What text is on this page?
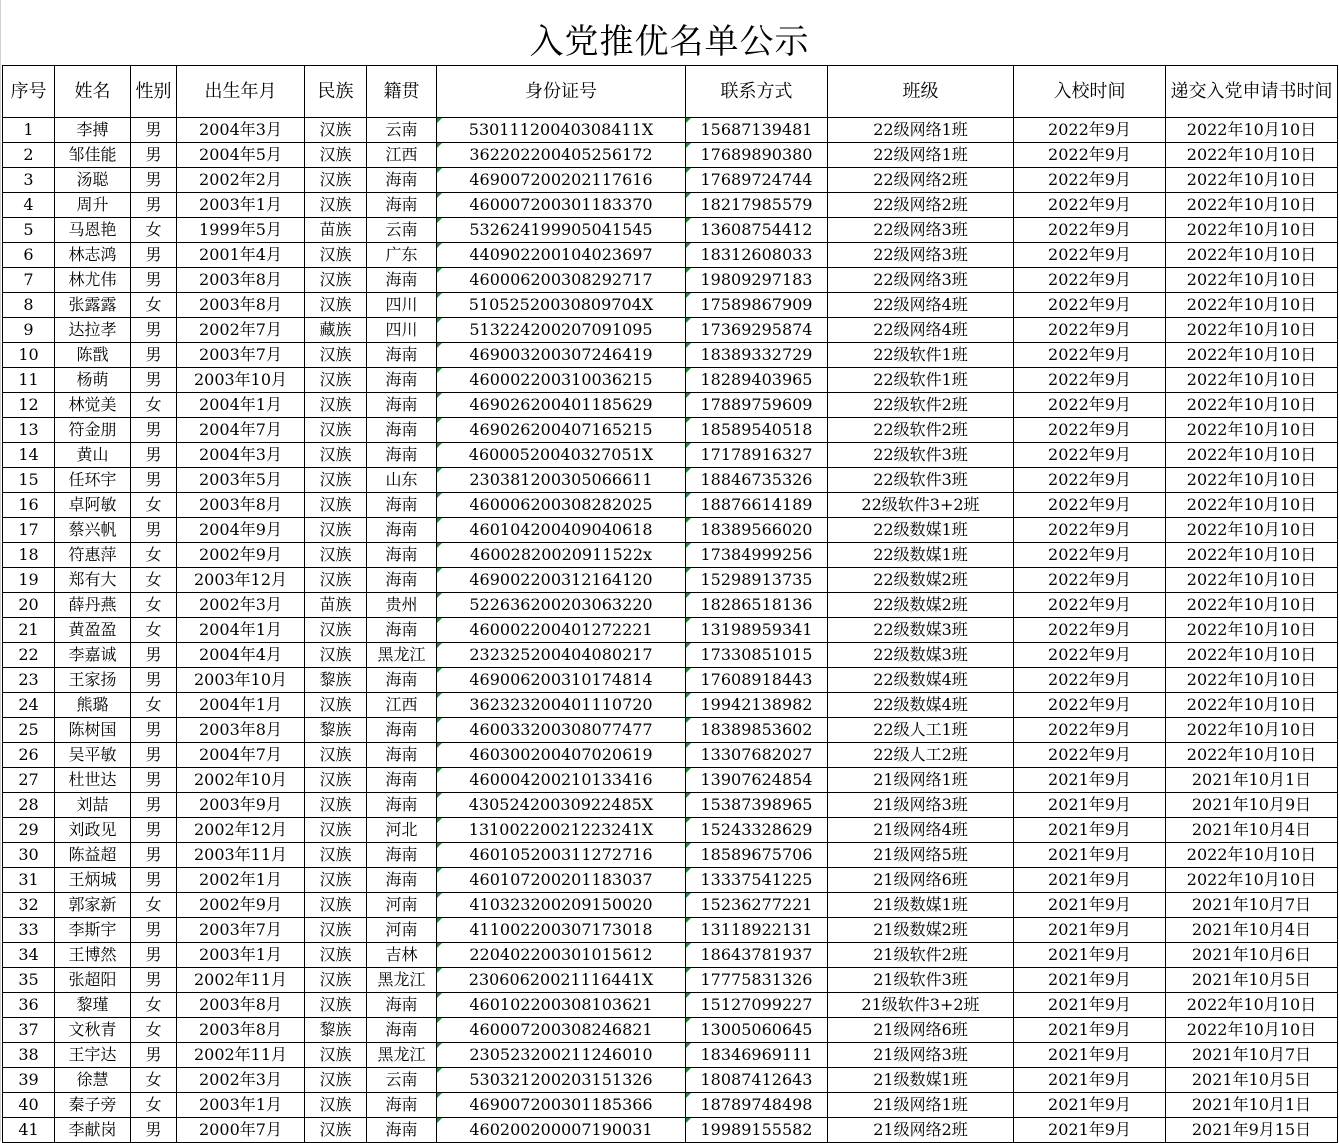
入党推优名单公示
序号	姓名	性别	出生年月	民族	籍贯	身份证号	联系方式	班级	入校时间	递交入党申请书时间
1	李搏	男	2004年3月	汉族	云南	53011120040308411X	15687139481	22级网络1班	2022年9月	2022年10月10日
2	邹佳能	男	2004年5月	汉族	江西	362202200405256172	17689890380	22级网络1班	2022年9月	2022年10月10日
3	汤聪	男	2002年2月	汉族	海南	469007200202117616	17689724744	22级网络2班	2022年9月	2022年10月10日
4	周升	男	2003年1月	汉族	海南	460007200301183370	18217985579	22级网络2班	2022年9月	2022年10月10日
5	马恩艳	女	1999年5月	苗族	云南	532624199905041545	13608754412	22级网络3班	2022年9月	2022年10月10日
6	林志鸿	男	2001年4月	汉族	广东	440902200104023697	18312608033	22级网络3班	2022年9月	2022年10月10日
7	林尤伟	男	2003年8月	汉族	海南	460006200308292717	19809297183	22级网络3班	2022年9月	2022年10月10日
8	张露露	女	2003年8月	汉族	四川	51052520030809704X	17589867909	22级网络4班	2022年9月	2022年10月10日
9	达拉孝	男	2002年7月	藏族	四川	513224200207091095	17369295874	22级网络4班	2022年9月	2022年10月10日
10	陈戬	男	2003年7月	汉族	海南	469003200307246419	18389332729	22级软件1班	2022年9月	2022年10月10日
11	杨萌	男	2003年10月	汉族	海南	460002200310036215	18289403965	22级软件1班	2022年9月	2022年10月10日
12	林觉美	女	2004年1月	汉族	海南	469026200401185629	17889759609	22级软件2班	2022年9月	2022年10月10日
13	符金朋	男	2004年7月	汉族	海南	469026200407165215	18589540518	22级软件2班	2022年9月	2022年10月10日
14	黄山	男	2004年3月	汉族	海南	46000520040327051X	17178916327	22级软件3班	2022年9月	2022年10月10日
15	任环宇	男	2003年5月	汉族	山东	230381200305066611	18846735326	22级软件3班	2022年9月	2022年10月10日
16	卓阿敏	女	2003年8月	汉族	海南	460006200308282025	18876614189	22级软件3+2班	2022年9月	2022年10月10日
17	蔡兴帆	男	2004年9月	汉族	海南	460104200409040618	18389566020	22级数媒1班	2022年9月	2022年10月10日
18	符惠萍	女	2002年9月	汉族	海南	46002820020911522x	17384999256	22级数媒1班	2022年9月	2022年10月10日
19	郑有大	女	2003年12月	汉族	海南	469002200312164120	15298913735	22级数媒2班	2022年9月	2022年10月10日
20	薛丹燕	女	2002年3月	苗族	贵州	522636200203063220	18286518136	22级数媒2班	2022年9月	2022年10月10日
21	黄盈盈	女	2004年1月	汉族	海南	460002200401272221	13198959341	22级数媒3班	2022年9月	2022年10月10日
22	李嘉诚	男	2004年4月	汉族	黑龙江	232325200404080217	17330851015	22级数媒3班	2022年9月	2022年10月10日
23	王家扬	男	2003年10月	黎族	海南	469006200310174814	17608918443	22级数媒4班	2022年9月	2022年10月10日
24	熊璐	女	2004年1月	汉族	江西	362323200401110720	19942138982	22级数媒4班	2022年9月	2022年10月10日
25	陈树国	男	2003年8月	黎族	海南	460033200308077477	18389853602	22级人工1班	2022年9月	2022年10月10日
26	吴平敏	男	2004年7月	汉族	海南	460300200407020619	13307682027	22级人工2班	2022年9月	2022年10月10日
27	杜世达	男	2002年10月	汉族	海南	460004200210133416	13907624854	21级网络1班	2021年9月	2021年10月1日
28	刘喆	男	2003年9月	汉族	海南	43052420030922485X	15387398965	21级网络3班	2021年9月	2021年10月9日
29	刘政见	男	2002年12月	汉族	河北	13100220021223241X	15243328629	21级网络4班	2021年9月	2021年10月4日
30	陈益超	男	2003年11月	汉族	海南	460105200311272716	18589675706	21级网络5班	2021年9月	2022年10月10日
31	王炳城	男	2002年1月	汉族	海南	460107200201183037	13337541225	21级网络6班	2021年9月	2022年10月10日
32	郭家新	女	2002年9月	汉族	河南	410323200209150020	15236277221	21级数媒1班	2021年9月	2021年10月7日
33	李斯宇	男	2003年7月	汉族	河南	411002200307173018	13118922131	21级数媒2班	2021年9月	2021年10月4日
34	王博然	男	2003年1月	汉族	吉林	220402200301015612	18643781937	21级软件2班	2021年9月	2021年10月6日
35	张超阳	男	2002年11月	汉族	黑龙江	23060620021116441X	17775831326	21级软件3班	2021年9月	2021年10月5日
36	黎瑾	女	2003年8月	汉族	海南	460102200308103621	15127099227	21级软件3+2班	2021年9月	2022年10月10日
37	文秋青	女	2003年8月	黎族	海南	460007200308246821	13005060645	21级网络6班	2021年9月	2022年10月10日
38	王宇达	男	2002年11月	汉族	黑龙江	230523200211246010	18346969111	21级网络3班	2021年9月	2021年10月7日
39	徐慧	女	2002年3月	汉族	云南	530321200203151326	18087412643	21级数媒1班	2021年9月	2021年10月5日
40	秦子旁	女	2003年1月	汉族	海南	469007200301185366	18789748498	21级网络1班	2021年9月	2021年10月1日
41	李献岗	男	2000年7月	汉族	海南	460200200007190031	19989155582	21级网络2班	2021年9月	2021年9月15日
